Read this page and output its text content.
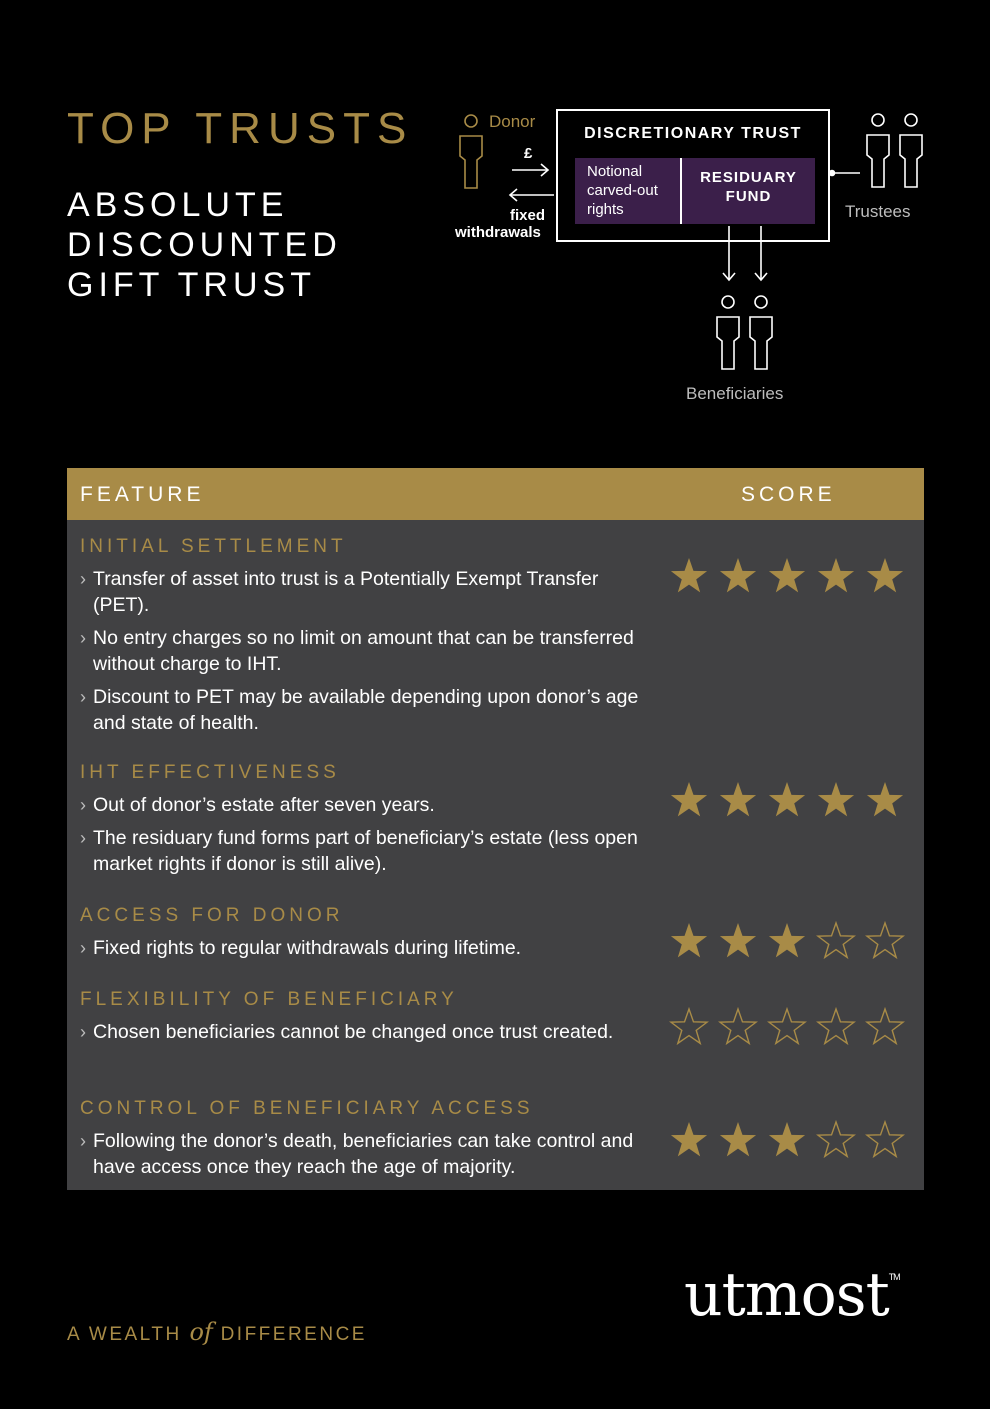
TOP TRUSTS
ABSOLUTE
DISCOUNTED
GIFT TRUST
Donor
£
fixed
withdrawals
DISCRETIONARY TRUST
Notional
carved-out
rights
RESIDUARY
FUND
Trustees
Beneficiaries
FEATURE	SCORE
INITIAL SETTLEMENT
› Transfer of asset into trust is a Potentially Exempt Transfer (PET).
› No entry charges so no limit on amount that can be transferred without charge to IHT.
› Discount to PET may be available depending upon donor’s age and state of health.
IHT EFFECTIVENESS
› Out of donor’s estate after seven years.
› The residuary fund forms part of beneficiary’s estate (less open market rights if donor is still alive).
ACCESS FOR DONOR
› Fixed rights to regular withdrawals during lifetime.
FLEXIBILITY OF BENEFICIARY
› Chosen beneficiaries cannot be changed once trust created.
CONTROL OF BENEFICIARY ACCESS
› Following the donor’s death, beneficiaries can take control and have access once they reach the age of majority.
A WEALTH of DIFFERENCE
utmost™
